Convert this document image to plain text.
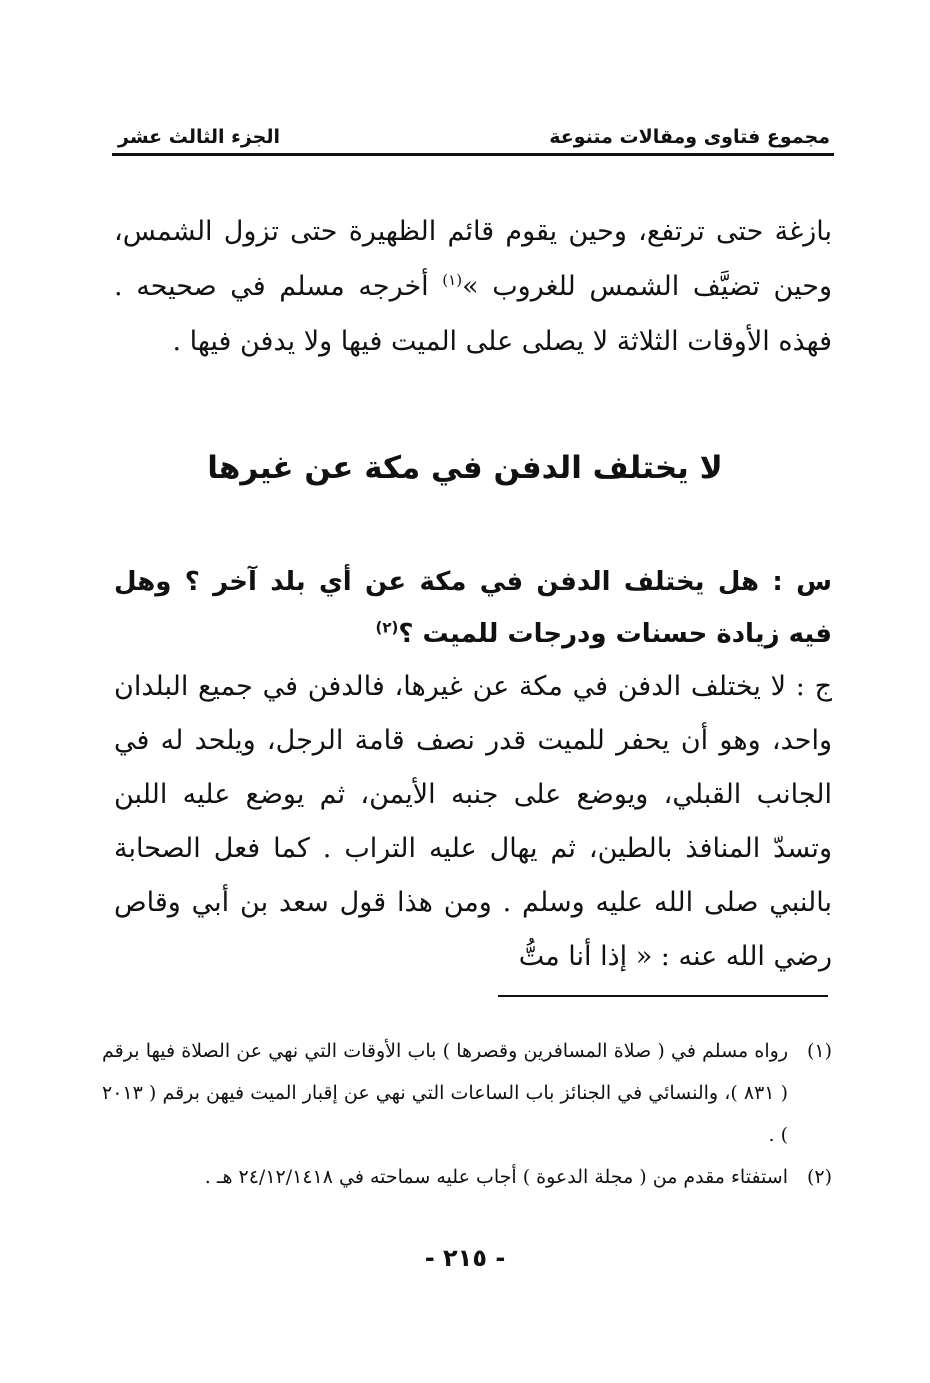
مجموع فتاوى ومقالات متنوعة
الجزء الثالث عشر

بازغة حتى ترتفع، وحين يقوم قائم الظهيرة حتى تزول الشمس، وحين تضيَّف الشمس للغروب »$^{(١)}$ أخرجه مسلم في صحيحه . فهذه الأوقات الثلاثة لا يصلى على الميت فيها ولا يدفن فيها .

لا يختلف الدفن في مكة عن غيرها

س : هل يختلف الدفن في مكة عن أي بلد آخر ؟ وهل فيه زيادة حسنات ودرجات للميت ؟$^{(٢)}$

ج : لا يختلف الدفن في مكة عن غيرها، فالدفن في جميع البلدان واحد، وهو أن يحفر للميت قدر نصف قامة الرجل، ويلحد له في الجانب القبلي، ويوضع على جنبه الأيمن، ثم يوضع عليه اللبن وتسدّ المنافذ بالطين، ثم يهال عليه التراب . كما فعل الصحابة بالنبي صلى الله عليه وسلم . ومن هذا قول سعد بن أبي وقاص رضي الله عنه : « إذا أنا متُّ

(١)
رواه مسلم في ( صلاة المسافرين وقصرها ) باب الأوقات التي نهي عن الصلاة فيها برقم ( ٨٣١ )، والنسائي في الجنائز باب الساعات التي نهي عن إقبار الميت فيهن برقم ( ٢٠١٣ ) .
(٢)
استفتاء مقدم من ( مجلة الدعوة ) أجاب عليه سماحته في ٢٤/١٢/١٤١٨ هـ .
- ٢١٥ -
